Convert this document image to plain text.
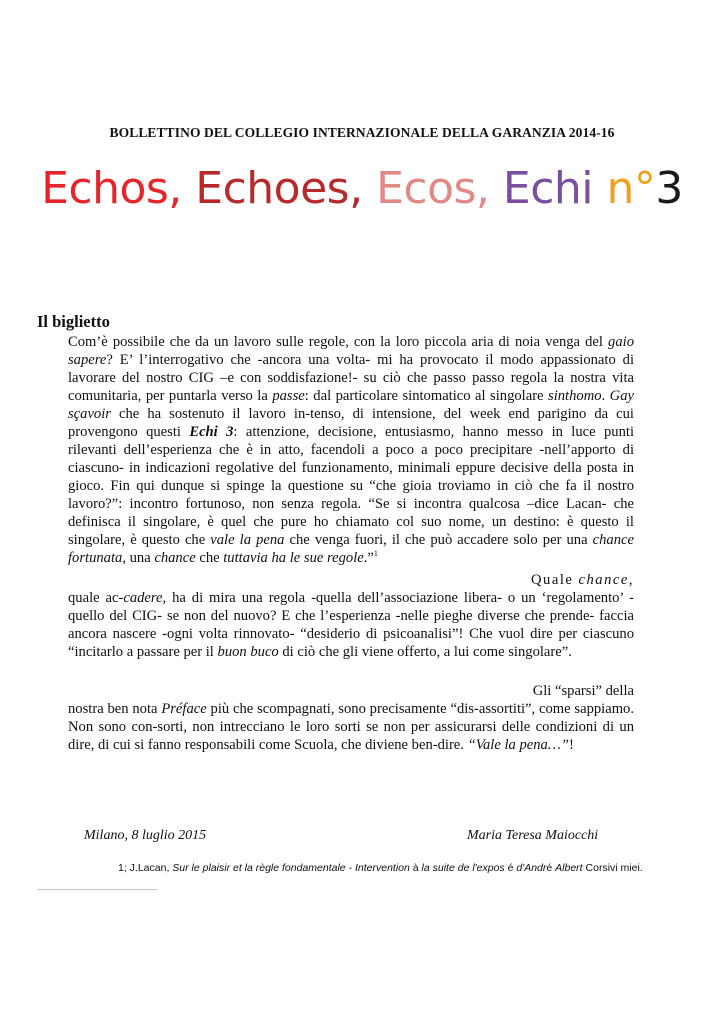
BOLLETTINO DEL COLLEGIO INTERNAZIONALE DELLA GARANZIA 2014-16
Echos, Echoes, Ecos, Echi n°3
Il biglietto
Com’è possibile che da un lavoro sulle regole, con la loro piccola aria di noia venga del gaio sapere? E’ l’interrogativo che -ancora una volta- mi ha provocato il modo appassionato di lavorare del nostro CIG –e con soddisfazione!- su ciò che passo passo regola la nostra vita comunitaria, per puntarla verso la passe: dal particolare sintomatico al singolare sinthomo. Gay sçavoir che ha sostenuto il lavoro in-tenso, di intensione, del week end parigino da cui provengono questi Echi 3: attenzione, decisione, entusiasmo, hanno messo in luce punti rilevanti dell’esperienza che è in atto, facendoli a poco a poco precipitare -nell’apporto di ciascuno- in indicazioni regolative del funzionamento, minimali eppure decisive della posta in gioco. Fin qui dunque si spinge la questione su “che gioia troviamo in ciò che fa il nostro lavoro?”: incontro fortunoso, non senza regola. “Se si incontra qualcosa –dice Lacan- che definisca il singolare, è quel che pure ho chiamato col suo nome, un destino: è questo il singolare, è questo che vale la pena che venga fuori, il che può accadere solo per una chance fortunata, una chance che tuttavia ha le sue regole.”$^1$
Quale chance,
quale ac-cadere, ha di mira una regola -quella dell’associazione libera- o un ‘regolamento’ - quello del CIG- se non del nuovo? E che l’esperienza -nelle pieghe diverse che prende- faccia ancora nascere -ogni volta rinnovato- “desiderio di psicoanalisi”! Che vuol dire per ciascuno “incitarlo a passare per il buon buco di ciò che gli viene offerto, a lui come singolare”.
Gli “sparsi” della
nostra ben nota Préface più che scompagnati, sono precisamente “dis-assortiti”, come sappiamo. Non sono con-sorti, non intrecciano le loro sorti se non per assicurarsi delle condizioni di un dire, di cui si fanno responsabili come Scuola, che diviene ben-dire. “Vale la pena…”!
Milano, 8 luglio 2015	Maria Teresa Maiocchi
1; J.Lacan, Sur le plaisir et la règle fondamentale - Intervention à la suite de l'expos é d'André Albert Corsivi miei.
